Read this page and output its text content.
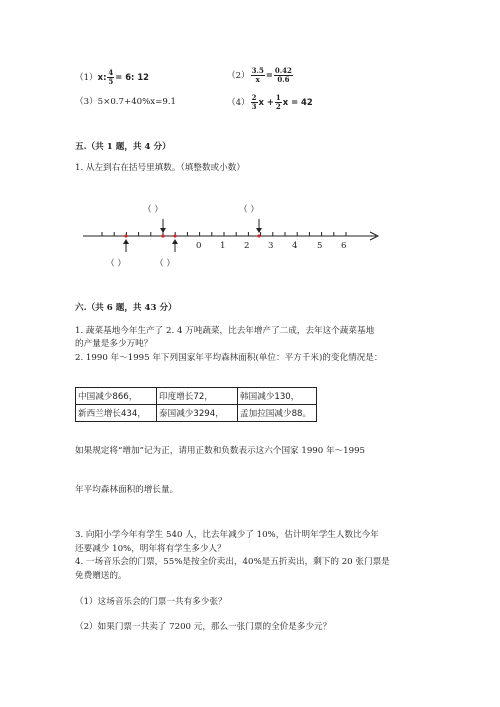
（1）x: $\frac{4}{5} = 6$: 12	$(2) \frac{3.5}{x} = \frac{0.42}{0.6}$
（3）5×0.7+40%x=9.1	$(4) \frac{2}{3}$ $x + \frac{1}{2}$ x = 42
五.（共 1 题，共 4 分）
1. 从左到右在括号里填数。（填整数或小数）
0 1 2 3 4 5 6
（ ）	（ ）
（ ）	（ ）
六.（共 6 题，共 43 分）
1. 蔬菜基地今年生产了 2. 4 万吨蔬菜，比去年增产了二成，去年这个蔬菜基地
的产量是多少万吨？
2. 1990 年～1995 年下列国家年平均森林面积(单位：平方千米)的变化情况是：
中国减少866，	印度增长72，	韩国减少130，
新西兰增长434，	泰国减少3294，	孟加拉国减少88。
如果规定将“增加”记为正，请用正数和负数表示这六个国家 1990 年～1995
年平均森林面积的增长量。
3. 向阳小学今年有学生 540 人，比去年减少了 10%，估计明年学生人数比今年
还要减少 10%，明年将有学生多少人？
4. 一场音乐会的门票，55%是按全价卖出，40%是五折卖出，剩下的 20 张门票是
免费赠送的。
（1）这场音乐会的门票一共有多少张？
（2）如果门票一共卖了 7200 元，那么一张门票的全价是多少元？
